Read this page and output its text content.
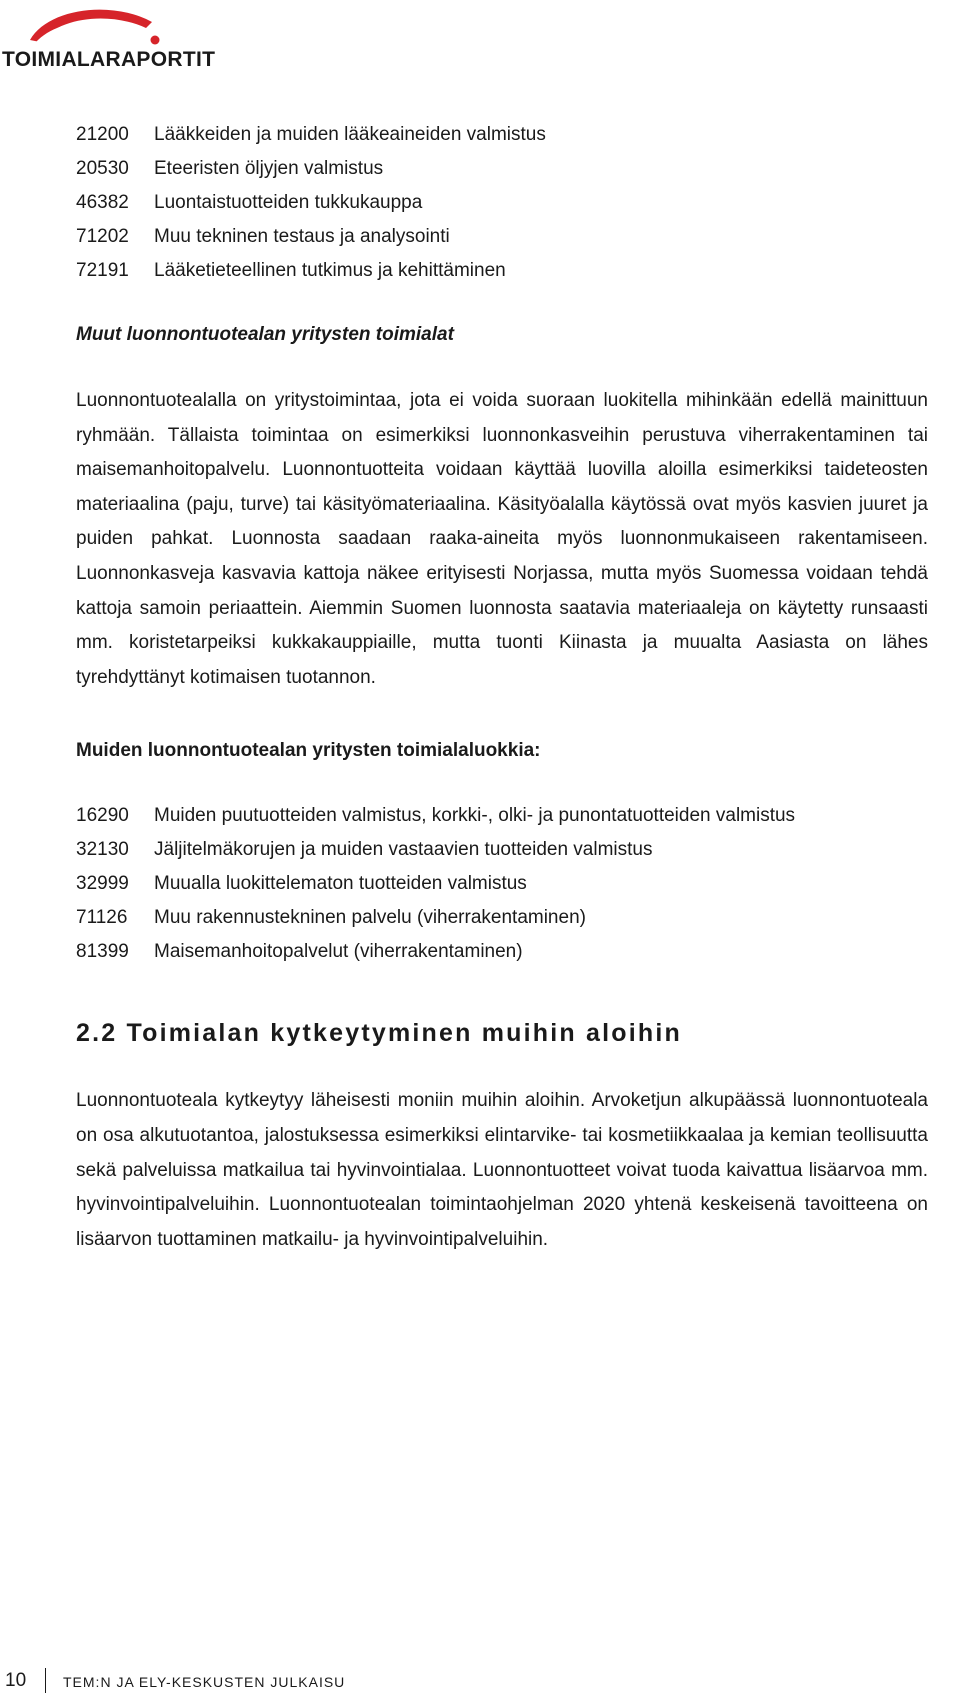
TOIMIALARAPORTIT
21200	Lääkkeiden ja muiden lääkeaineiden valmistus
20530	Eteeristen öljyjen valmistus
46382	Luontaistuotteiden tukkukauppa
71202	Muu tekninen testaus ja analysointi
72191	Lääketieteellinen tutkimus ja kehittäminen
Muut luonnontuotealan yritysten toimialat

Luonnontuotealalla on yritystoimintaa, jota ei voida suoraan luokitella mihinkään edellä mainittuun ryhmään. Tällaista toimintaa on esimerkiksi luonnonkasveihin perustuva viherrakentaminen tai maisemanhoitopalvelu. Luonnontuotteita voidaan käyttää luovilla aloilla esimerkiksi taideteosten materiaalina (paju, turve) tai käsityömateriaalina. Käsityöalalla käytössä ovat myös kasvien juuret ja puiden pahkat. Luonnosta saadaan raaka-aineita myös luonnonmukaiseen rakentamiseen. Luonnonkasveja kasvavia kattoja näkee erityisesti Norjassa, mutta myös Suomessa voidaan tehdä kattoja samoin periaattein. Aiemmin Suomen luonnosta saatavia materiaaleja on käytetty runsaasti mm. koristetarpeiksi kukkakauppiaille, mutta tuonti Kiinasta ja muualta Aasiasta on lähes tyrehdyttänyt kotimaisen tuotannon.

Muiden luonnontuotealan yritysten toimialaluokkia:
16290	Muiden puutuotteiden valmistus, korkki-, olki- ja punontatuotteiden valmistus
32130	Jäljitelmäkorujen ja muiden vastaavien tuotteiden valmistus
32999	Muualla luokittelematon tuotteiden valmistus
71126	Muu rakennustekninen palvelu (viherrakentaminen)
81399	Maisemanhoitopalvelut (viherrakentaminen)
2.2 Toimialan kytkeytyminen muihin aloihin

Luonnontuoteala kytkeytyy läheisesti moniin muihin aloihin. Arvoketjun alkupäässä luonnontuoteala on osa alkutuotantoa, jalostuksessa esimerkiksi elintarvike- tai kosmetiikkaalaa ja kemian teollisuutta sekä palveluissa matkailua tai hyvinvointialaa. Luonnontuotteet voivat tuoda kaivattua lisäarvoa mm. hyvinvointipalveluihin. Luonnontuotealan toimintaohjelman 2020 yhtenä keskeisenä tavoitteena on lisäarvon tuottaminen matkailu- ja hyvinvointipalveluihin.

10	TEM:N JA ELY-KESKUSTEN JULKAISU
